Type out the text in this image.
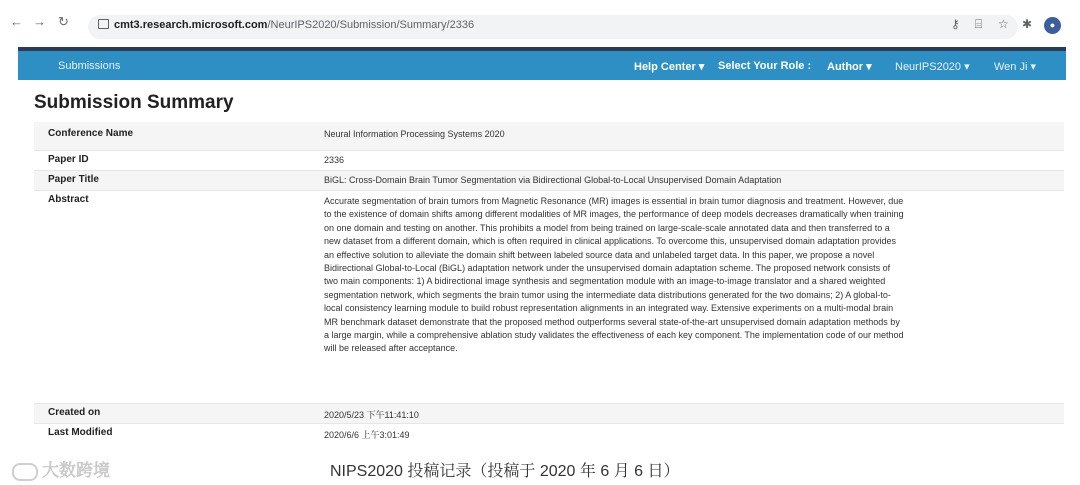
← → ↻	cmt3.research.microsoft.com/NeurIPS2020/Submission/Summary/2336	⚷ ⌸ ☆ ✱	●
Submissions	Help Center ▾ Select Your Role : Author ▾ NeurIPS2020 ▾ Wen Ji ▾
Submission Summary
Conference Name	Neural Information Processing Systems 2020
Paper ID	2336
Paper Title	BiGL: Cross-Domain Brain Tumor Segmentation via Bidirectional Global-to-Local Unsupervised Domain Adaptation
Abstract	Accurate segmentation of brain tumors from Magnetic Resonance (MR) images is essential in brain tumor diagnosis and treatment. However, due to the existence of domain shifts among different modalities of MR images, the performance of deep models decreases dramatically when training on one domain and testing on another. This prohibits a model from being trained on large-scale-scale annotated data and then transferred to a new dataset from a different domain, which is often required in clinical applications. To overcome this, unsupervised domain adaptation provides an effective solution to alleviate the domain shift between labeled source data and unlabeled target data. In this paper, we propose a novel Bidirectional Global-to-Local (BiGL) adaptation network under the unsupervised domain adaptation scheme. The proposed network consists of two main components: 1) A bidirectional image synthesis and segmentation module with an image-to-image translator and a shared weighted segmentation network, which segments the brain tumor using the intermediate data distributions generated for the two domains; 2) A global-to-local consistency learning module to build robust representation alignments in an integrated way. Extensive experiments on a multi-modal brain MR benchmark dataset demonstrate that the proposed method outperforms several state-of-the-art unsupervised domain adaptation methods by a large margin, while a comprehensive ablation study validates the effectiveness of each key component. The implementation code of our method will be released after acceptance.
Created on	2020/5/23 下午11:41:10
Last Modified	2020/6/6 上午3:01:49
大数跨境	NIPS2020 投稿记录（投稿于 2020 年 6 月 6 日）
